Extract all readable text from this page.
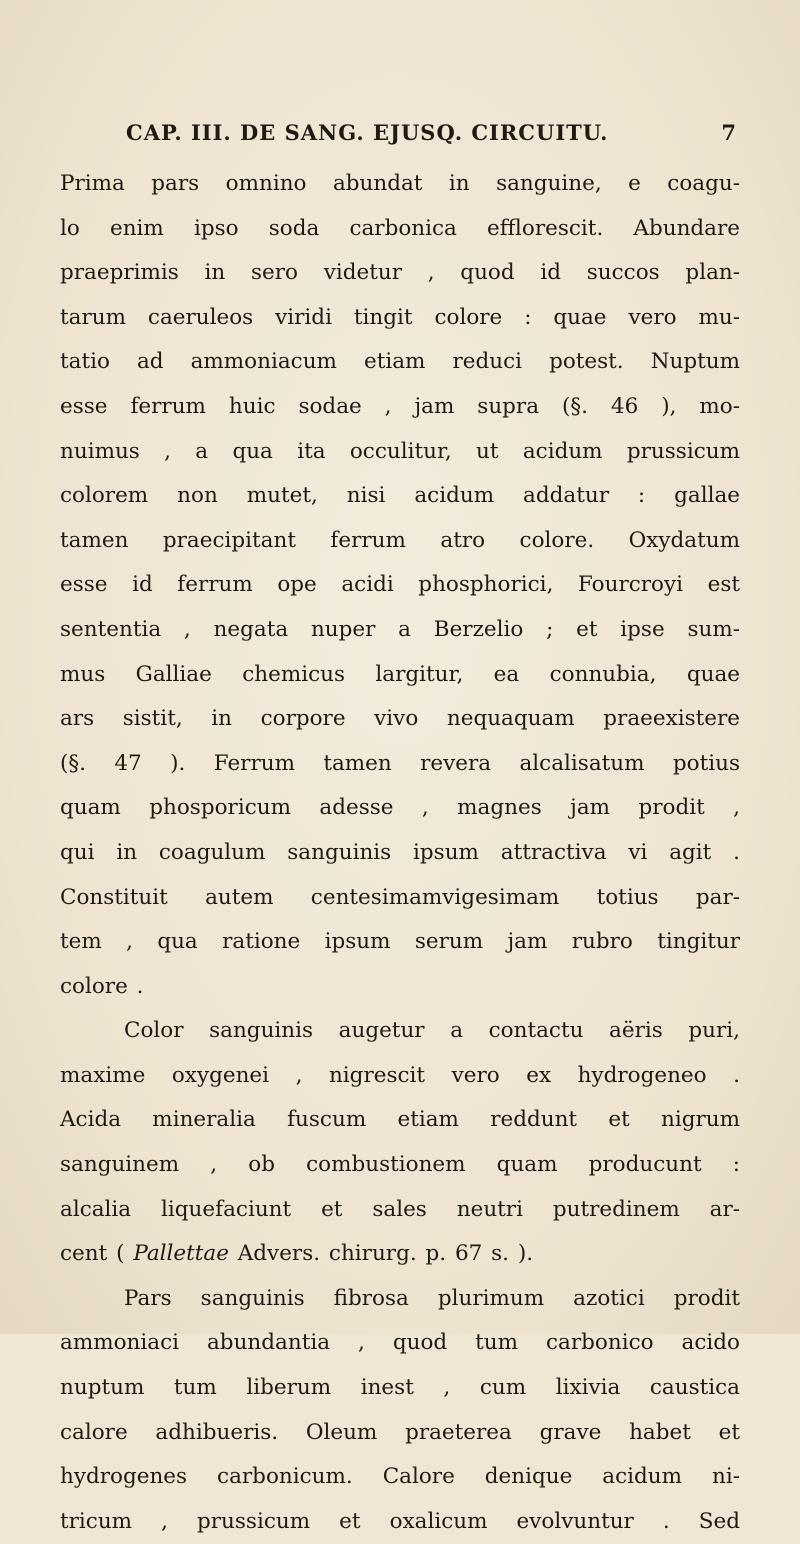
CAP. III. DE SANG. EJUSQ. CIRCUITU.	7
Prima pars omnino abundat in sanguine, e coagu-
lo enim ipso soda carbonica efflorescit. Abundare
praeprimis in sero videtur , quod id succos plan-
tarum caeruleos viridi tingit colore : quae vero mu-
tatio ad ammoniacum etiam reduci potest. Nuptum
esse ferrum huic sodae , jam supra (§. 46 ), mo-
nuimus , a qua ita occulitur, ut acidum prussicum
colorem non mutet, nisi acidum addatur : gallae
tamen praecipitant ferrum atro colore. Oxydatum
esse id ferrum ope acidi phosphorici, Fourcroyi est
sententia , negata nuper a Berzelio ; et ipse sum-
mus Galliae chemicus largitur, ea connubia, quae
ars sistit, in corpore vivo nequaquam praeexistere
(§. 47 ). Ferrum tamen revera alcalisatum potius
quam phosporicum adesse , magnes jam prodit ,
qui in coagulum sanguinis ipsum attractiva vi agit .
Constituit autem centesimamvigesimam totius par-
tem , qua ratione ipsum serum jam rubro tingitur
colore .
Color sanguinis augetur a contactu aëris puri,
maxime oxygenei , nigrescit vero ex hydrogeneo .
Acida mineralia fuscum etiam reddunt et nigrum
sanguinem , ob combustionem quam producunt :
alcalia liquefaciunt et sales neutri putredinem ar-
cent ( Pallettae Advers. chirurg. p. 67 s. ).
Pars sanguinis fibrosa plurimum azotici prodit
ammoniaci abundantia , quod tum carbonico acido
nuptum tum liberum inest , cum lixivia caustica
calore adhibueris. Oleum praeterea grave habet et
hydrogenes carbonicum. Calore denique acidum ni-
tricum , prussicum et oxalicum evolvuntur . Sed
